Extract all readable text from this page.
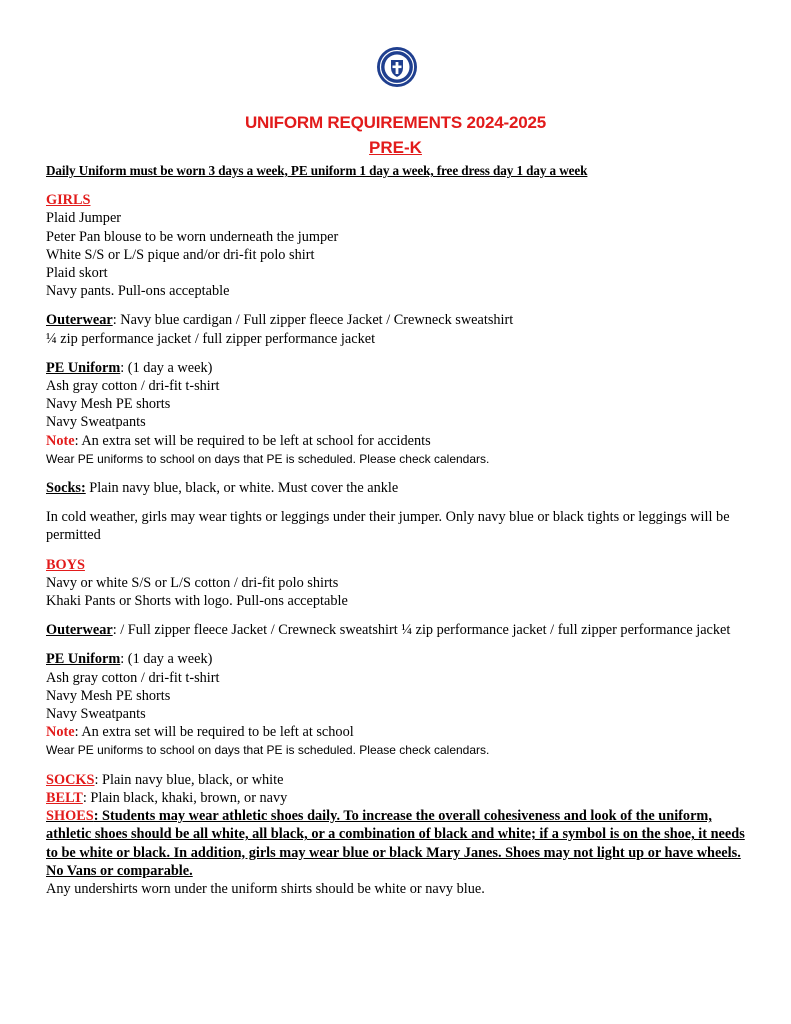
UNIFORM REQUIREMENTS 2024-2025
PRE-K
Daily Uniform must be worn 3 days a week, PE uniform 1 day a week, free dress day 1 day a week
GIRLS
Plaid Jumper
Peter Pan blouse to be worn underneath the jumper
White S/S or L/S pique and/or dri-fit polo shirt
Plaid skort
Navy pants. Pull-ons acceptable
Outerwear: Navy blue cardigan / Full zipper fleece Jacket / Crewneck sweatshirt
¼ zip performance jacket / full zipper performance jacket
PE Uniform: (1 day a week)
Ash gray cotton / dri-fit t-shirt
Navy Mesh PE shorts
Navy Sweatpants
Note: An extra set will be required to be left at school for accidents
Wear PE uniforms to school on days that PE is scheduled. Please check calendars.
Socks: Plain navy blue, black, or white. Must cover the ankle
In cold weather, girls may wear tights or leggings under their jumper. Only navy blue or black tights or leggings will be permitted
BOYS
Navy or white S/S or L/S cotton / dri-fit polo shirts
Khaki Pants or Shorts with logo. Pull-ons acceptable
Outerwear: / Full zipper fleece Jacket / Crewneck sweatshirt ¼ zip performance jacket / full zipper performance jacket
PE Uniform: (1 day a week)
Ash gray cotton / dri-fit t-shirt
Navy Mesh PE shorts
Navy Sweatpants
Note: An extra set will be required to be left at school
Wear PE uniforms to school on days that PE is scheduled. Please check calendars.
SOCKS: Plain navy blue, black, or white
BELT: Plain black, khaki, brown, or navy
SHOES: Students may wear athletic shoes daily. To increase the overall cohesiveness and look of the uniform, athletic shoes should be all white, all black, or a combination of black and white; if a symbol is on the shoe, it needs to be white or black. In addition, girls may wear blue or black Mary Janes. Shoes may not light up or have wheels. No Vans or comparable.
Any undershirts worn under the uniform shirts should be white or navy blue.
